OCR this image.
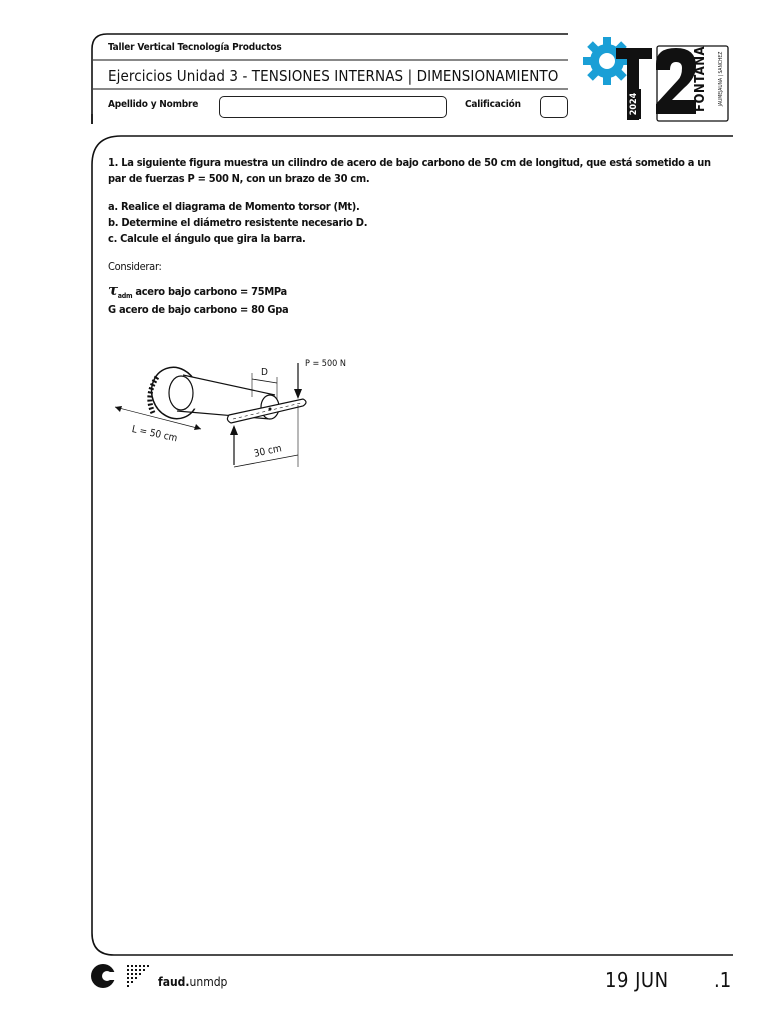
Taller Vertical Tecnología Productos
Ejercicios Unidad 3 - TENSIONES INTERNAS | DIMENSIONAMIENTO
Apellido y Nombre	Calificación	2024	FONTANA JAUMEJAUNA | SANCHEZ
1. La siguiente figura muestra un cilindro de acero de bajo carbono de 50 cm de longitud, que está sometido a un
par de fuerzas P = 500 N, con un brazo de 30 cm.
a. Realice el diagrama de Momento torsor (Mt).
b. Determine el diámetro resistente necesario D.
c. Calcule el ángulo que gira la barra.
Considerar:
$\tau_{adm}$ acero bajo carbono = 75MPa
G acero de bajo carbono = 80 Gpa
P = 500 N
D
L = 50 cm
30 cm
faud.unmdp	19 JUN .1
